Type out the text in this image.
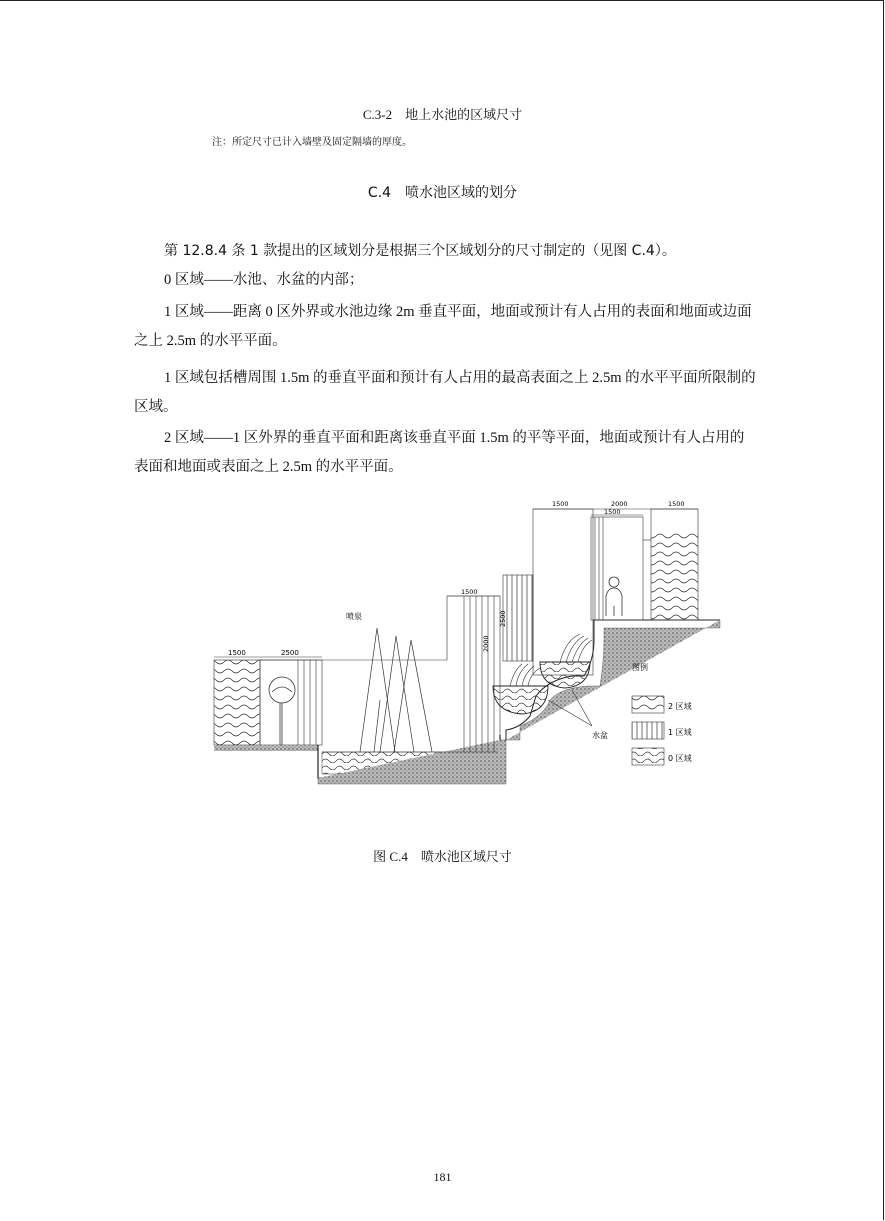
C.3-2　地上水池的区域尺寸
注：所定尺寸已计入墙壁及固定隔墙的厚度。
C.4　喷水池区域的划分
第 12.8.4 条 1 款提出的区域划分是根据三个区域划分的尺寸制定的（见图 C.4）。
0 区域——水池、水盆的内部；
1 区域——距离 0 区外界或水池边缘 2m 垂直平面，地面或预计有人占用的表面和地面或边面之上 2.5m 的水平平面。
1 区域包括槽周围 1.5m 的垂直平面和预计有人占用的最高表面之上 2.5m 的水平平面所限制的区域。
2 区域——1 区外界的垂直平面和距离该垂直平面 1.5m 的平等平面，地面或预计有人占用的表面和地面或表面之上 2.5m 的水平平面。
1500	2500
喷泉
1500
2000
2500
水盆
1500	2000	1500
1500
图例
2 区域
1 区域
0 区域
图 C.4　喷水池区域尺寸
181
